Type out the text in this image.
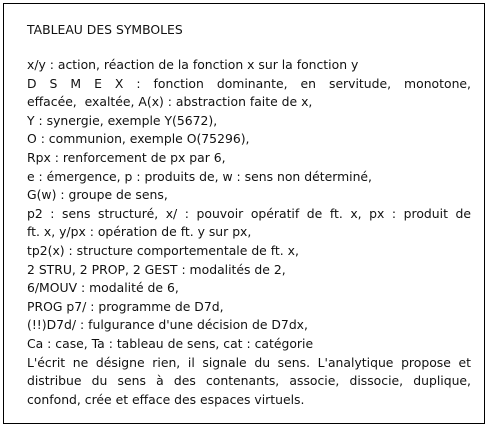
TABLEAU DES SYMBOLES
x/y : action, réaction de la fonction x sur la fonction y
D S M E X : fonction dominante, en servitude, monotone,
effacée,  exaltée, A(x) : abstraction faite de x,
Y : synergie, exemple Y(5672),
O : communion, exemple O(75296),
Rpx : renforcement de px par 6,
e : émergence, p : produits de, w : sens non déterminé,
G(w) : groupe de sens,
p2 : sens structuré, x/ : pouvoir opératif de ft. x, px : produit de
ft. x, y/px : opération de ft. y sur px,
tp2(x) : structure comportementale de ft. x,
2 STRU, 2 PROP, 2 GEST : modalités de 2,
6/MOUV : modalité de 6,
PROG p7/ : programme de D7d,
(!!)D7d/ : fulgurance d'une décision de D7dx,
Ca : case, Ta : tableau de sens, cat : catégorie
L'écrit ne désigne rien, il signale du sens. L'analytique propose et distribue du sens à des contenants, associe, dissocie, duplique, confond, crée et efface des espaces virtuels.
